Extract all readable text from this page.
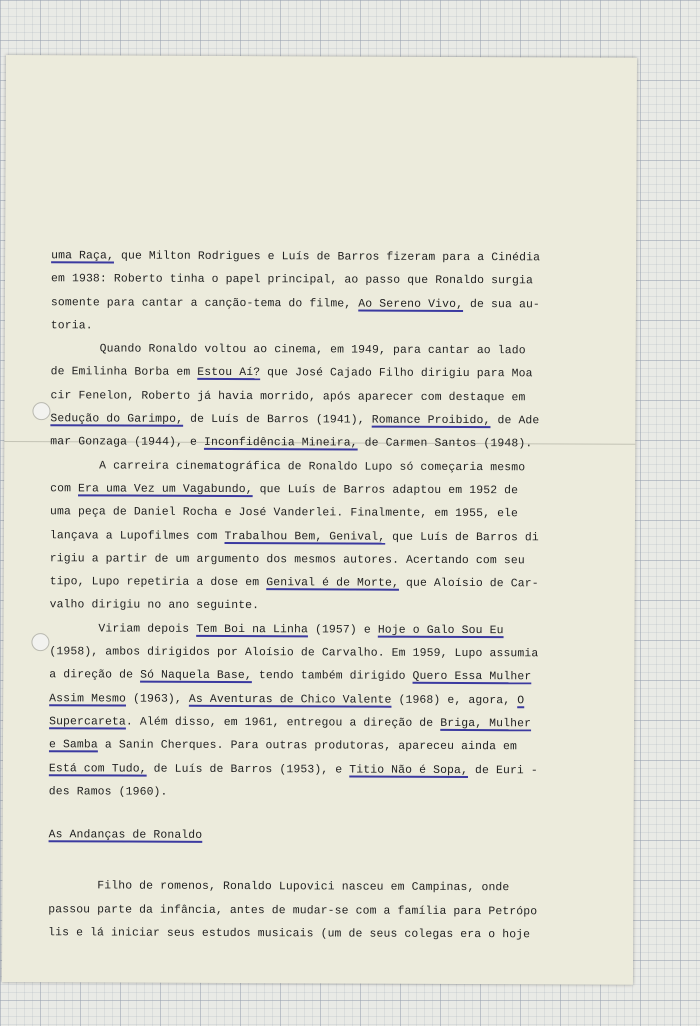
uma Raça, que Milton Rodrigues e Luís de Barros fizeram para a Cinédia
em 1938: Roberto tinha o papel principal, ao passo que Ronaldo surgia
somente para cantar a canção-tema do filme, Ao Sereno Vivo, de sua au-
toria.
Quando Ronaldo voltou ao cinema, em 1949, para cantar ao lado
de Emilinha Borba em Estou Aí? que José Cajado Filho dirigiu para Moa
cir Fenelon, Roberto já havia morrido, após aparecer com destaque em
Sedução do Garimpo, de Luís de Barros (1941), Romance Proibido, de Ade
mar Gonzaga (1944), e Inconfidência Mineira, de Carmen Santos (1948).
A carreira cinematográfica de Ronaldo Lupo só começaria mesmo
com Era uma Vez um Vagabundo, que Luís de Barros adaptou em 1952 de
uma peça de Daniel Rocha e José Vanderlei. Finalmente, em 1955, ele
lançava a Lupofilmes com Trabalhou Bem, Genival, que Luís de Barros di
rigiu a partir de um argumento dos mesmos autores. Acertando com seu
tipo, Lupo repetiria a dose em Genival é de Morte, que Aloísio de Car-
valho dirigiu no ano seguinte.
Viriam depois Tem Boi na Linha (1957) e Hoje o Galo Sou Eu
(1958), ambos dirigidos por Aloísio de Carvalho. Em 1959, Lupo assumia
a direção de Só Naquela Base, tendo também dirigido Quero Essa Mulher
Assim Mesmo (1963), As Aventuras de Chico Valente (1968) e, agora, O
Supercareta. Além disso, em 1961, entregou a direção de Briga, Mulher
e Samba a Sanin Cherques. Para outras produtoras, apareceu ainda em
Está com Tudo, de Luís de Barros (1953), e Titio Não é Sopa, de Euri -
des Ramos (1960).
As Andanças de Ronaldo
Filho de romenos, Ronaldo Lupovici nasceu em Campinas, onde
passou parte da infância, antes de mudar-se com a família para Petrópo
lis e lá iniciar seus estudos musicais (um de seus colegas era o hoje
